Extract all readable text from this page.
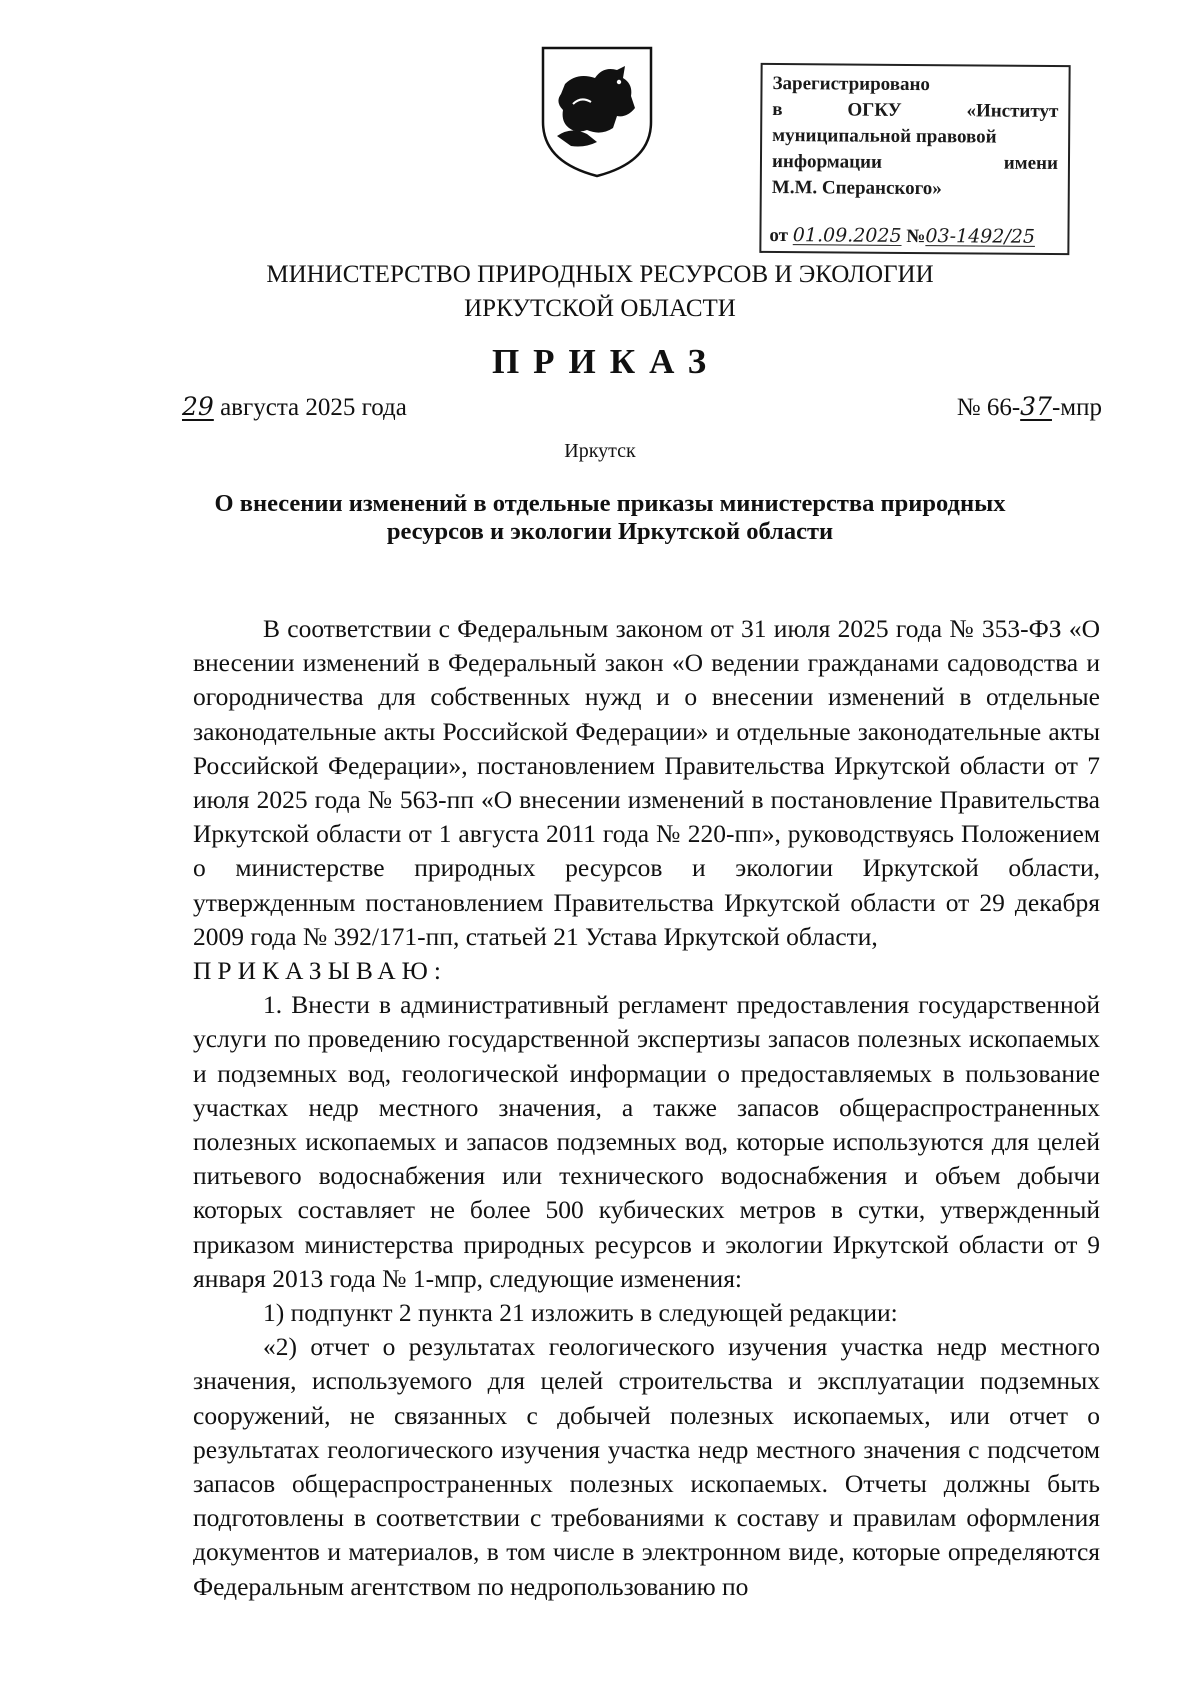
Зарегистрировано
в	ОГКУ	«Институт
муниципальной правовой
информации	имени
М.М. Сперанского»
от 01.09.2025 №03-1492/25
МИНИСТЕРСТВО ПРИРОДНЫХ РЕСУРСОВ И ЭКОЛОГИИ
ИРКУТСКОЙ ОБЛАСТИ
ПРИКАЗ
29 августа 2025 года	№ 66-37-мпр
Иркутск
О внесении изменений в отдельные приказы министерства природных
ресурсов и экологии Иркутской области

В соответствии с Федеральным законом от 31 июля 2025 года № 353-ФЗ «О внесении изменений в Федеральный закон «О ведении гражданами садоводства и огородничества для собственных нужд и о внесении изменений в отдельные законодательные акты Российской Федерации» и отдельные законодательные акты Российской Федерации», постановлением Правительства Иркутской области от 7 июля 2025 года № 563-пп «О внесении изменений в постановление Правительства Иркутской области от 1 августа 2011 года № 220-пп», руководствуясь Положением о министерстве природных ресурсов и экологии Иркутской области, утвержденным постановлением Правительства Иркутской области от 29 декабря 2009 года № 392/171-пп, статьей 21 Устава Иркутской области,

ПРИКАЗЫВАЮ:

1. Внести в административный регламент предоставления государственной услуги по проведению государственной экспертизы запасов полезных ископаемых и подземных вод, геологической информации о предоставляемых в пользование участках недр местного значения, а также запасов общераспространенных полезных ископаемых и запасов подземных вод, которые используются для целей питьевого водоснабжения или технического водоснабжения и объем добычи которых составляет не более 500 кубических метров в сутки, утвержденный приказом министерства природных ресурсов и экологии Иркутской области от 9 января 2013 года № 1-мпр, следующие изменения:

1) подпункт 2 пункта 21 изложить в следующей редакции:

«2) отчет о результатах геологического изучения участка недр местного значения, используемого для целей строительства и эксплуатации подземных сооружений, не связанных с добычей полезных ископаемых, или отчет о результатах геологического изучения участка недр местного значения с подсчетом запасов общераспространенных полезных ископаемых. Отчеты должны быть подготовлены в соответствии с требованиями к составу и правилам оформления документов и материалов, в том числе в электронном виде, которые определяются Федеральным агентством по недропользованию по
